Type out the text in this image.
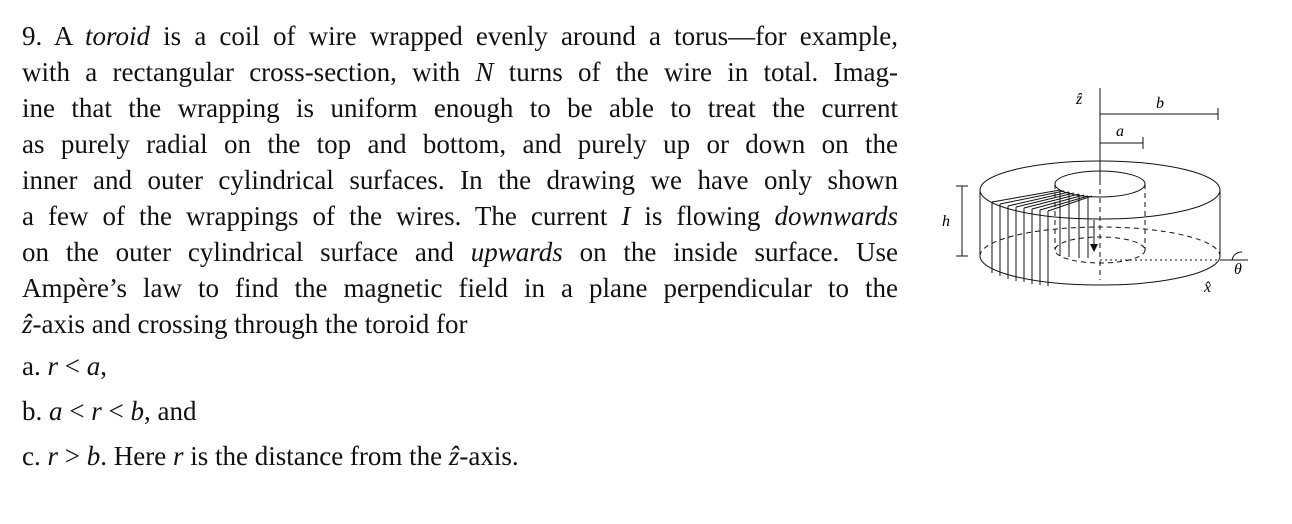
9. A toroid is a coil of wire wrapped evenly around a torus—for example,
with a rectangular cross-section, with N turns of the wire in total. Imag-
ine that the wrapping is uniform enough to be able to treat the current
as purely radial on the top and bottom, and purely up or down on the
inner and outer cylindrical surfaces. In the drawing we have only shown
a few of the wrappings of the wires. The current I is flowing downwards
on the outer cylindrical surface and upwards on the inside surface. Use
Ampère’s law to find the magnetic field in a plane perpendicular to the
ẑ-axis and crossing through the toroid for
a. r < a,
b. a < r < b, and
c. r > b. Here r is the distance from the ẑ-axis.
ẑ	b
a
h
θ
x̂
